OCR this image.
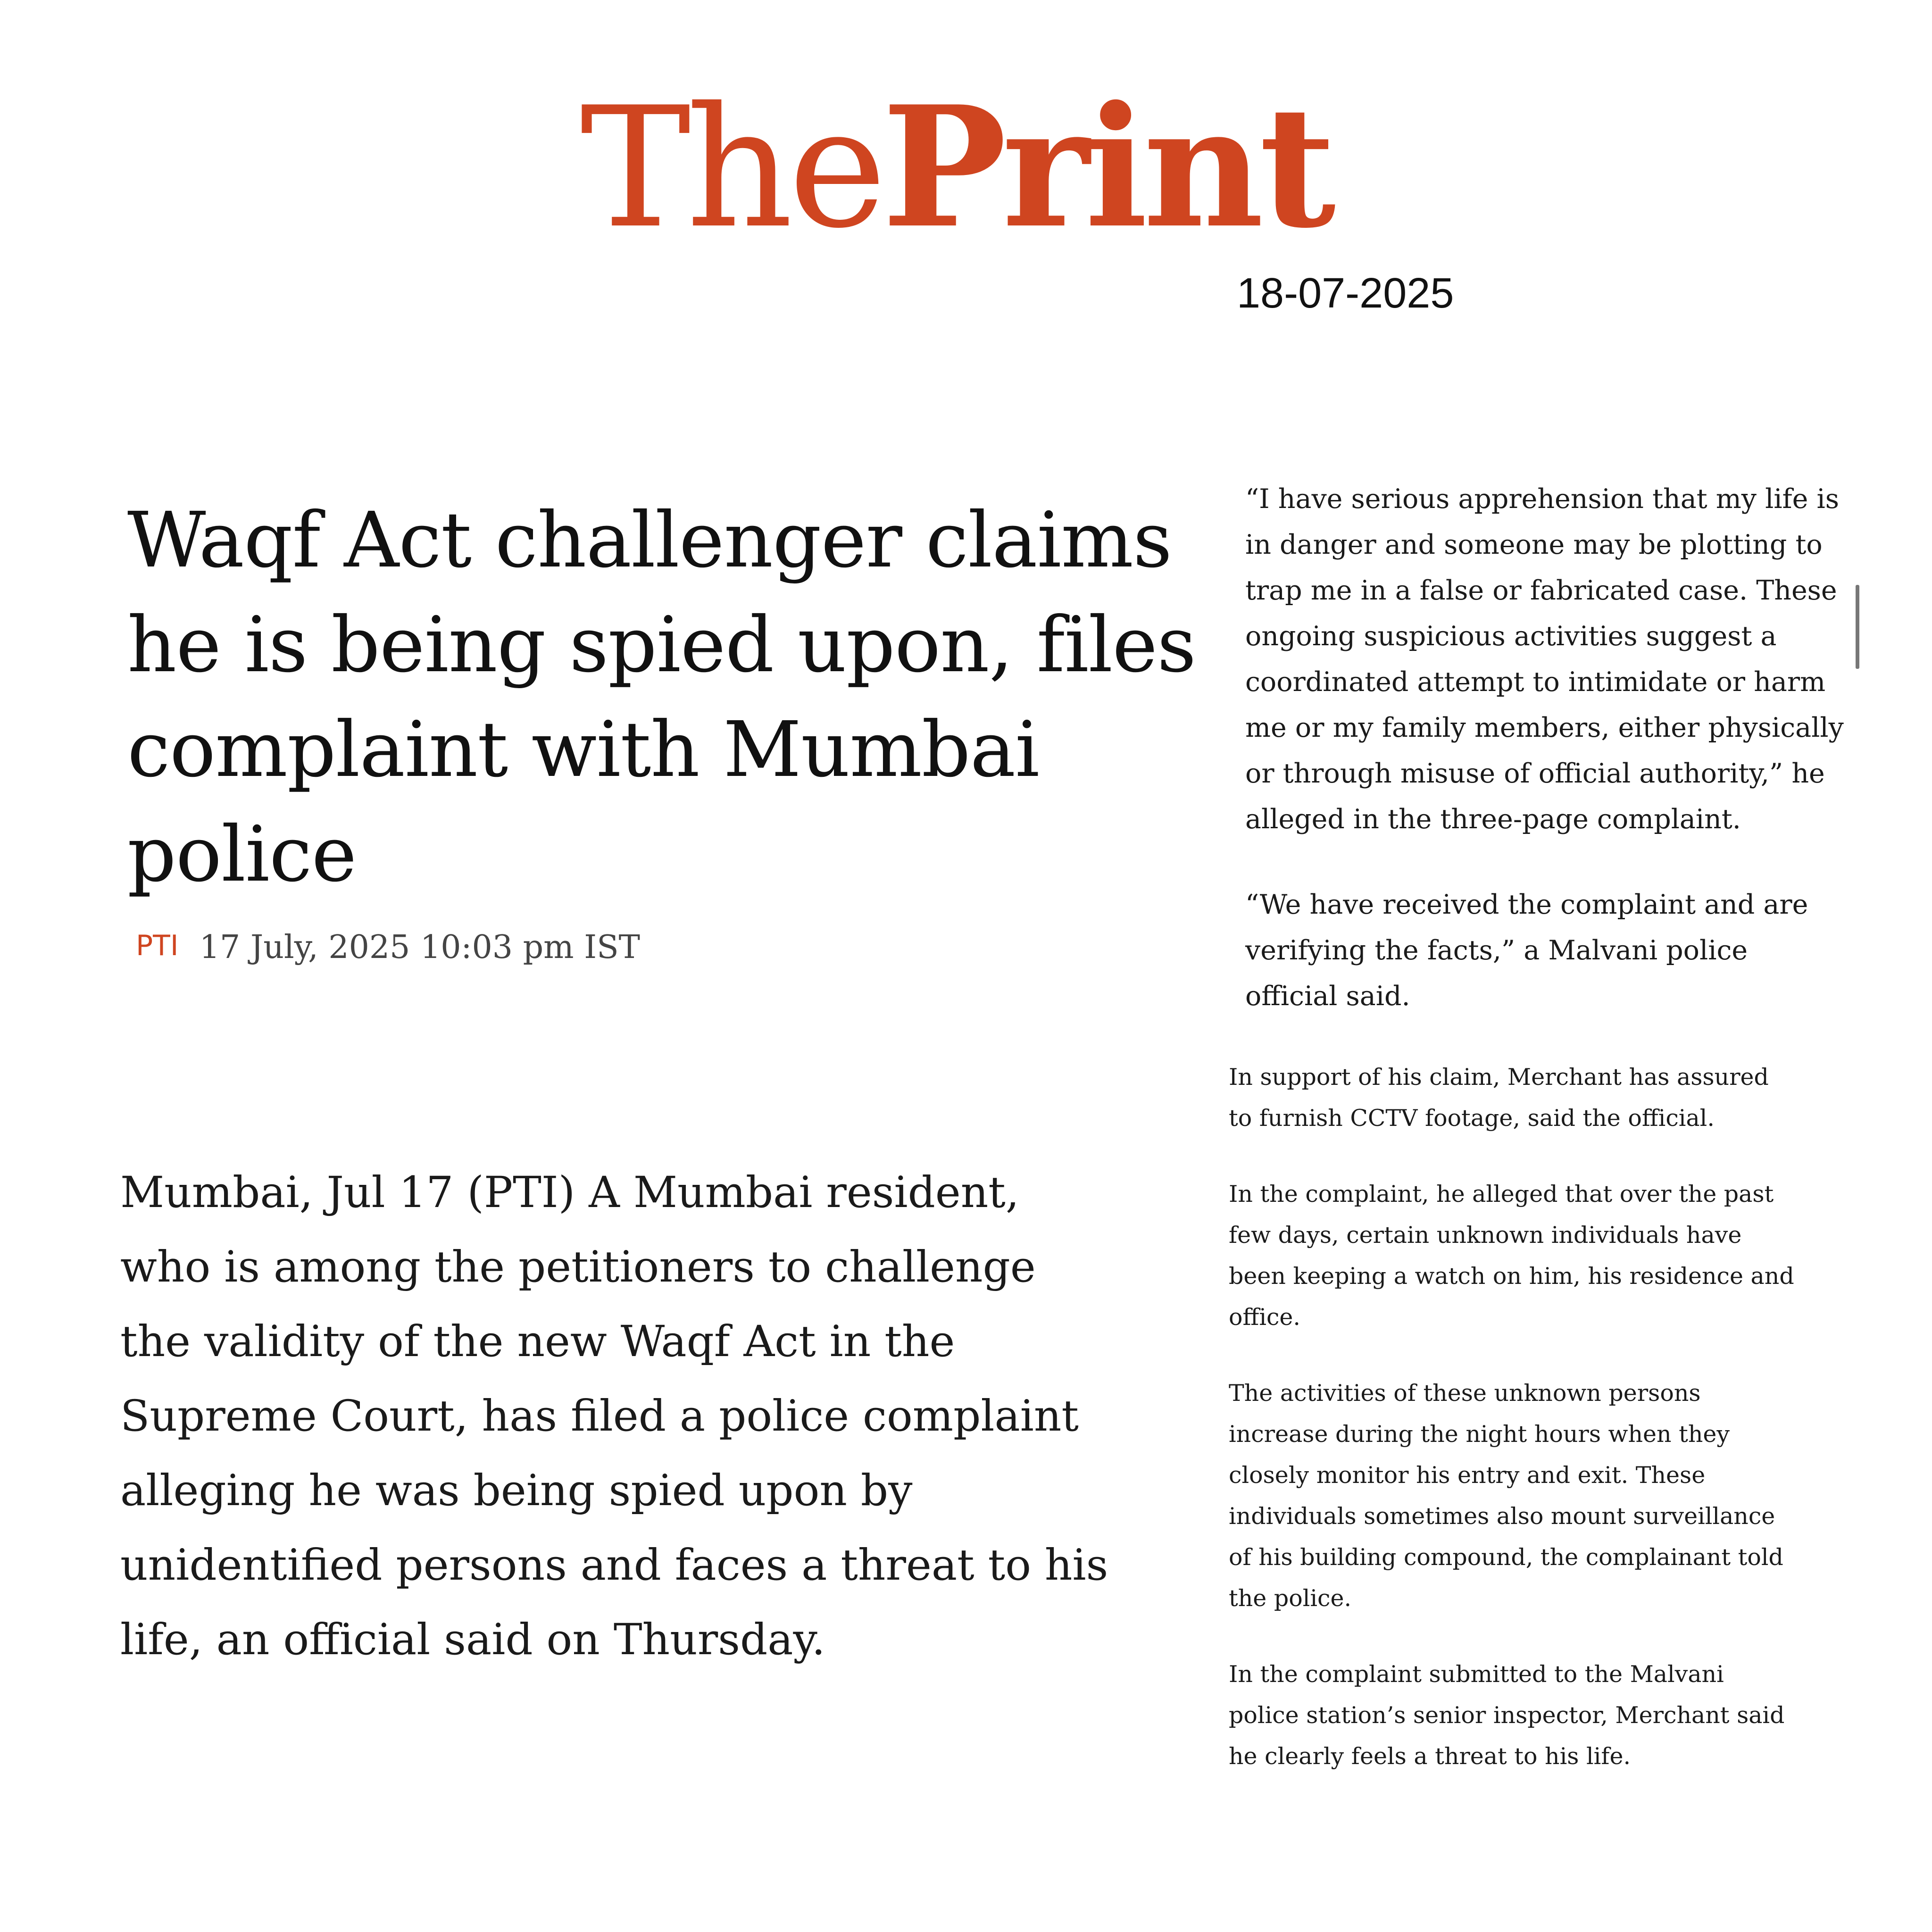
ThePrint
18-07-2025
Waqf Act challenger claims he is being spied upon, files complaint with Mumbai police
PTI 17 July, 2025 10:03 pm IST

Mumbai, Jul 17 (PTI) A Mumbai resident, who is among the petitioners to challenge the validity of the new Waqf Act in the Supreme Court, has filed a police complaint alleging he was being spied upon by unidentified persons and faces a threat to his life, an official said on Thursday.

“I have serious apprehension that my life is in danger and someone may be plotting to trap me in a false or fabricated case. These ongoing suspicious activities suggest a coordinated attempt to intimidate or harm me or my family members, either physically or through misuse of official authority,” he alleged in the three-page complaint.

“We have received the complaint and are verifying the facts,” a Malvani police official said.

In support of his claim, Merchant has assured to furnish CCTV footage, said the official.

In the complaint, he alleged that over the past few days, certain unknown individuals have been keeping a watch on him, his residence and office.

The activities of these unknown persons increase during the night hours when they closely monitor his entry and exit. These individuals sometimes also mount surveillance of his building compound, the complainant told the police.

In the complaint submitted to the Malvani police station’s senior inspector, Merchant said he clearly feels a threat to his life.
